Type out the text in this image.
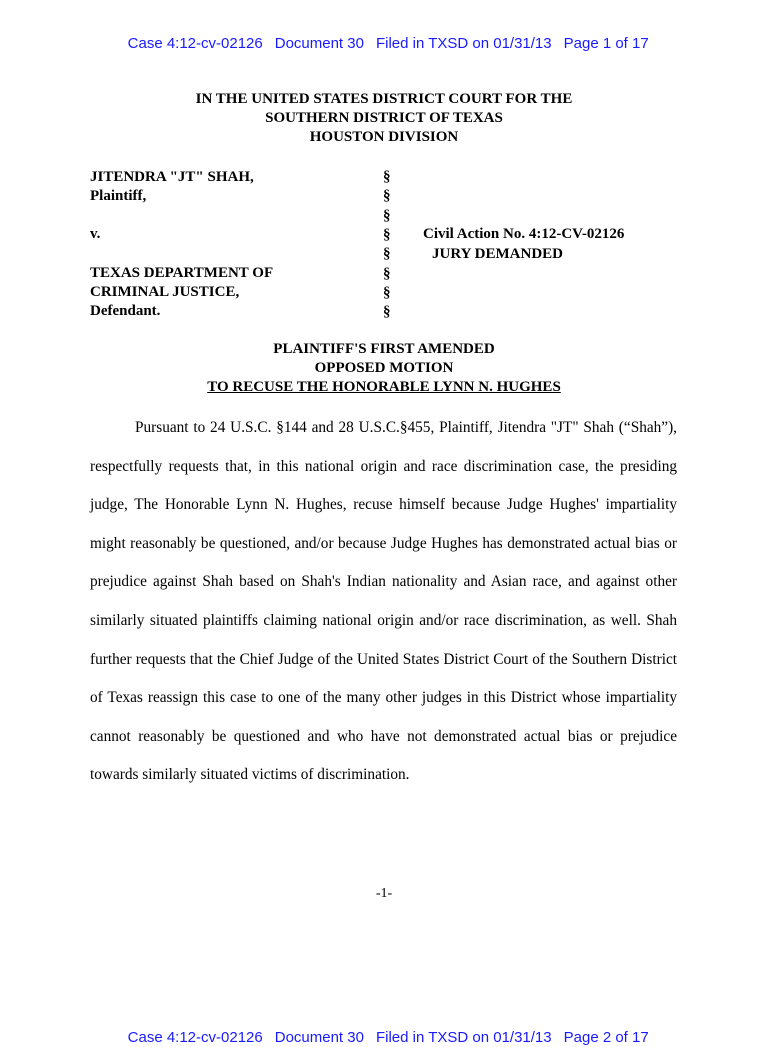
Case 4:12-cv-02126 Document 30 Filed in TXSD on 01/31/13 Page 1 of 17

IN THE UNITED STATES DISTRICT COURT FOR THE
SOUTHERN DISTRICT OF TEXAS
HOUSTON DIVISION
JITENDRA "JT" SHAH,
Plaintiff,
v.
TEXAS DEPARTMENT OF
CRIMINAL JUSTICE,
Defendant.
§
§
§
§
§
§
§
§
Civil Action No. 4:12-CV-02126
JURY DEMANDED
PLAINTIFF'S FIRST AMENDED
OPPOSED MOTION
TO RECUSE THE HONORABLE LYNN N. HUGHES
Pursuant to 24 U.S.C. §144 and 28 U.S.C.§455, Plaintiff, Jitendra "JT" Shah (“Shah”), respectfully requests that, in this national origin and race discrimination case, the presiding judge, The Honorable Lynn N. Hughes, recuse himself because Judge Hughes' impartiality might reasonably be questioned, and/or because Judge Hughes has demonstrated actual bias or prejudice against Shah based on Shah's Indian nationality and Asian race, and against other similarly situated plaintiffs claiming national origin and/or race discrimination, as well. Shah further requests that the Chief Judge of the United States District Court of the Southern District of Texas reassign this case to one of the many other judges in this District whose impartiality cannot reasonably be questioned and who have not demonstrated actual bias or prejudice towards similarly situated victims of discrimination.
-1-

Case 4:12-cv-02126 Document 30 Filed in TXSD on 01/31/13 Page 2 of 17
